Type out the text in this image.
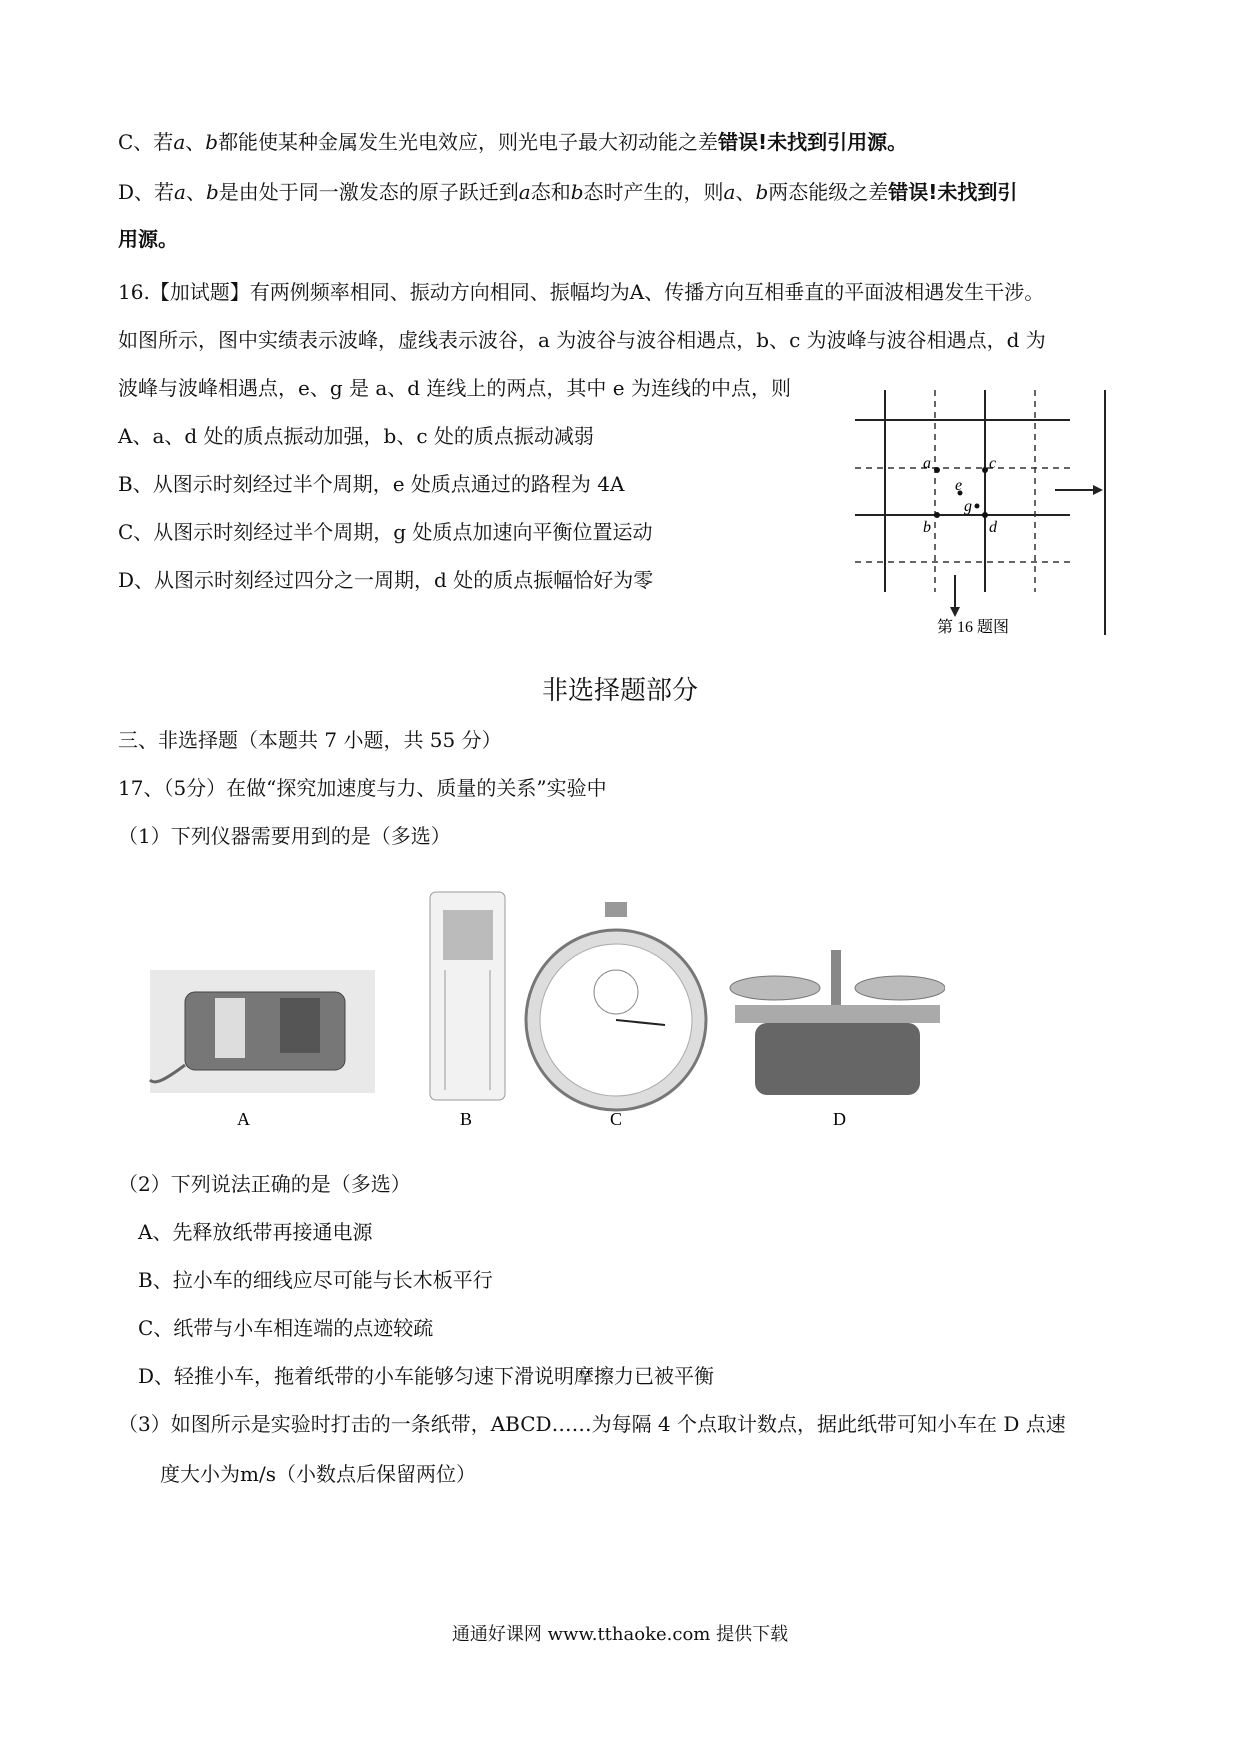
C、若a、b都能使某种金属发生光电效应，则光电子最大初动能之差错误!未找到引用源。
D、若a、b是由处于同一激发态的原子跃迁到a态和b态时产生的，则a、b两态能级之差错误!未找到引
用源。
16.【加试题】有两例频率相同、振动方向相同、振幅均为A、传播方向互相垂直的平面波相遇发生干涉。
如图所示，图中实绩表示波峰，虚线表示波谷，a 为波谷与波谷相遇点，b、c 为波峰与波谷相遇点，d 为
波峰与波峰相遇点，e、g 是 a、d 连线上的两点，其中 e 为连线的中点，则
A、a、d 处的质点振动加强，b、c 处的质点振动减弱
B、从图示时刻经过半个周期，e 处质点通过的路程为 4A
C、从图示时刻经过半个周期，g 处质点加速向平衡位置运动
D、从图示时刻经过四分之一周期，d 处的质点振幅恰好为零
a	c
e
g
b	d
第 16 题图
非选择题部分
三、非选择题（本题共 7 小题，共 55 分）
17、（5分）在做“探究加速度与力、质量的关系”实验中
（1）下列仪器需要用到的是（多选）
A	B	C	D
（2）下列说法正确的是（多选）
A、先释放纸带再接通电源
B、拉小车的细线应尽可能与长木板平行
C、纸带与小车相连端的点迹较疏
D、轻推小车，拖着纸带的小车能够匀速下滑说明摩擦力已被平衡
（3）如图所示是实验时打击的一条纸带，ABCD……为每隔 4 个点取计数点，据此纸带可知小车在 D 点速
度大小为m/s（小数点后保留两位）
通通好课网 www.tthaoke.com 提供下载
